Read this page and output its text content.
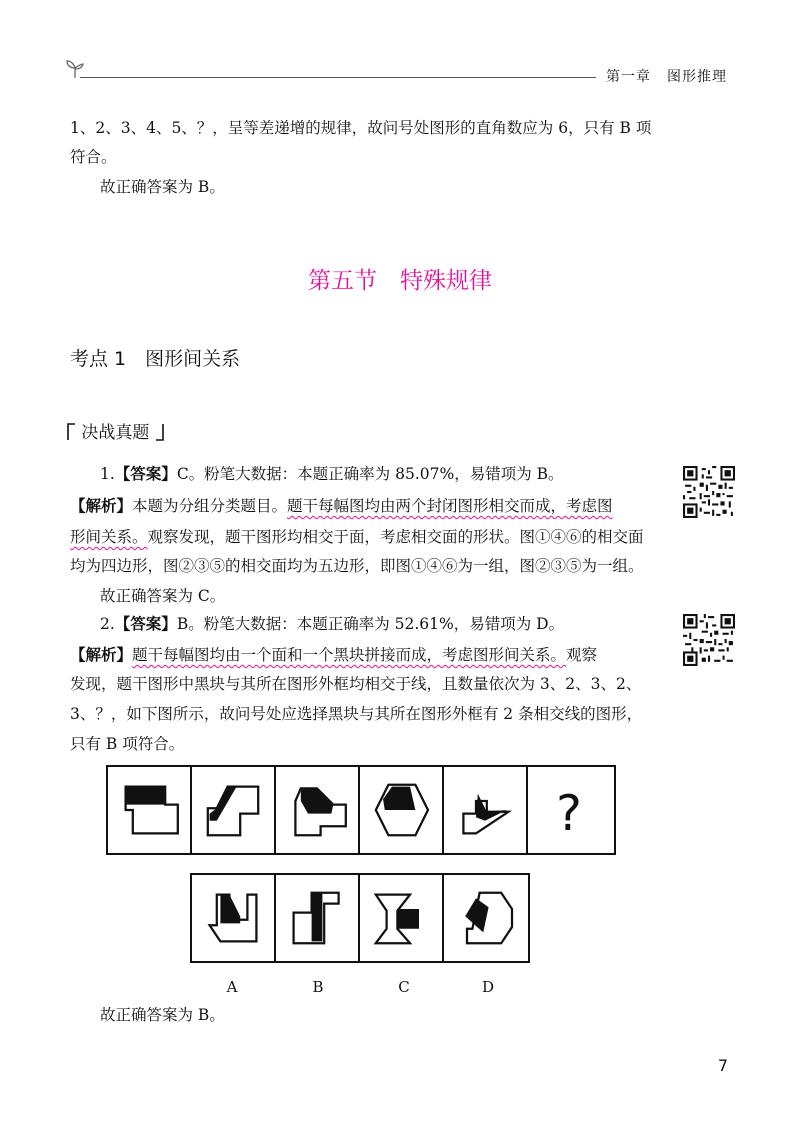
第一章 图形推理
1、2、3、4、5、？，呈等差递增的规律，故问号处图形的直角数应为 6，只有 B 项
符合。
故正确答案为 B。
第五节　特殊规律
考点 1　图形间关系
决战真题
1.【答案】C。粉笔大数据：本题正确率为 85.07%，易错项为 B。
【解析】本题为分组分类题目。题干每幅图均由两个封闭图形相交而成，考虑图
形间关系。观察发现，题干图形均相交于面，考虑相交面的形状。图①④⑥的相交面
均为四边形，图②③⑤的相交面均为五边形，即图①④⑥为一组，图②③⑤为一组。
故正确答案为 C。
2.【答案】B。粉笔大数据：本题正确率为 52.61%，易错项为 D。
【解析】题干每幅图均由一个面和一个黑块拼接而成，考虑图形间关系。观察
发现，题干图形中黑块与其所在图形外框均相交于线，且数量依次为 3、2、3、2、
3、？，如下图所示，故问号处应选择黑块与其所在图形外框有 2 条相交线的图形，
只有 B 项符合。
?
A	B	C	D
故正确答案为 B。
7
